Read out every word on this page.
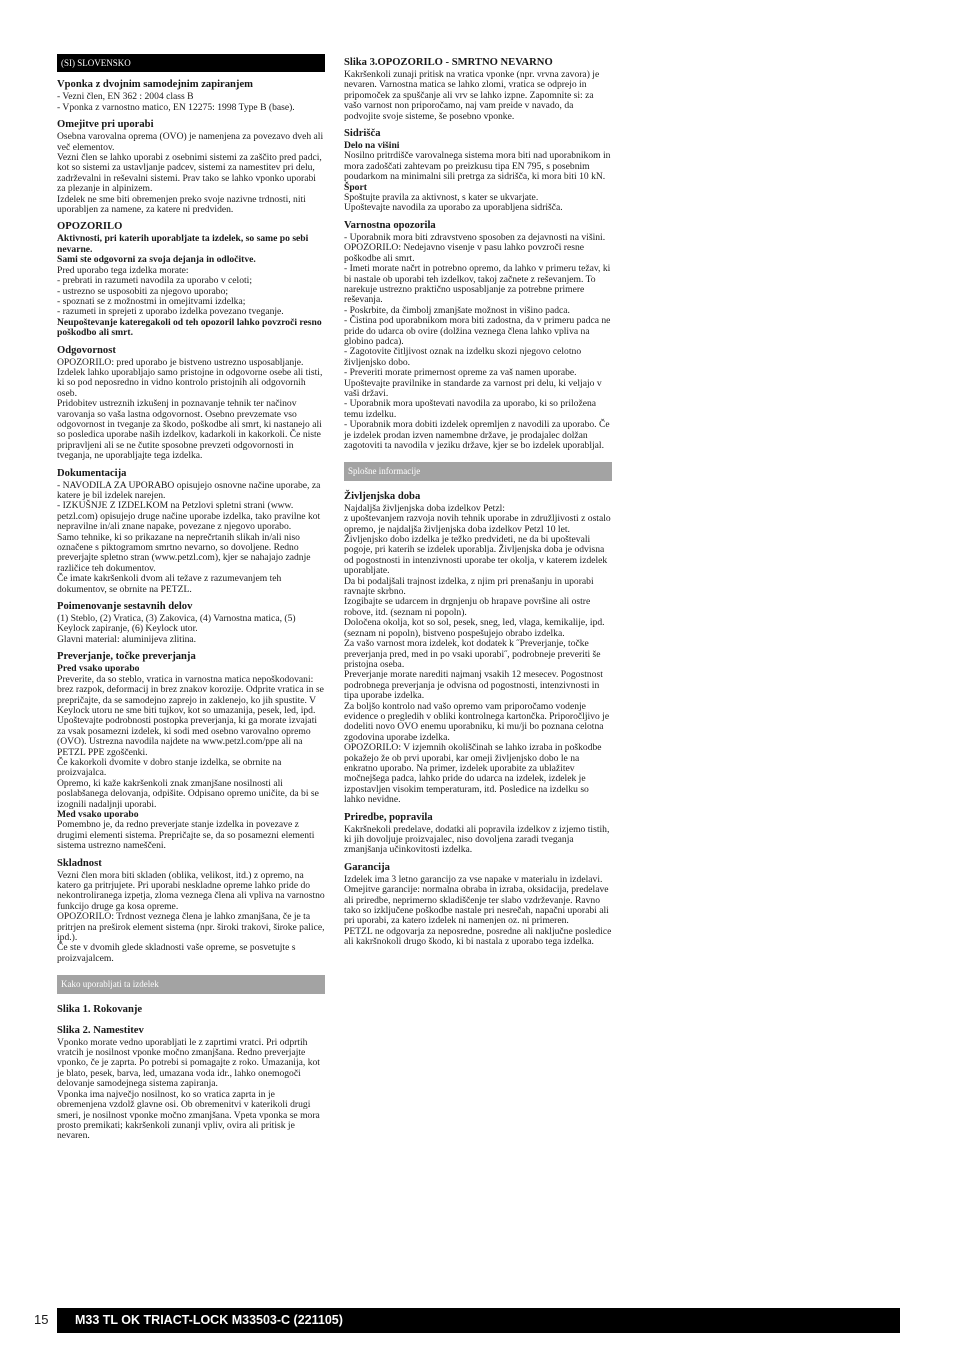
(SI) SLOVENSKO
Vponka z dvojnim samodejnim zapiranjem

- Vezni člen, EN 362 : 2004 class B
- Vponka z varnostno matico, EN 12275: 1998 Type B (base).

Omejitve pri uporabi

Osebna varovalna oprema (OVO) je namenjena za povezavo dveh ali več elementov.
Vezni člen se lahko uporabi z osebnimi sistemi za zaščito pred padci, kot so sistemi za ustavljanje padcev, sistemi za namestitev pri delu, zadrževalni in reševalni sistemi. Prav tako se lahko vponko uporabi za plezanje in alpinizem.
Izdelek ne sme biti obremenjen preko svoje nazivne trdnosti, niti uporabljen za namene, za katere ni predviden.

OPOZORILO

Aktivnosti, pri katerih uporabljate ta izdelek, so same po sebi nevarne.
Sami ste odgovorni za svoja dejanja in odločitve.

Pred uporabo tega izdelka morate:
- prebrati in razumeti navodila za uporabo v celoti;
- ustrezno se usposobiti za njegovo uporabo;
- spoznati se z možnostmi in omejitvami izdelka;
- razumeti in sprejeti z uporabo izdelka povezano tveganje.

Neupoštevanje kateregakoli od teh opozoril lahko povzroči resno poškodbo ali smrt.

Odgovornost

OPOZORILO: pred uporabo je bistveno ustrezno usposabljanje.
Izdelek lahko uporabljajo samo pristojne in odgovorne osebe ali tisti, ki so pod neposredno in vidno kontrolo pristojnih ali odgovornih oseb.
Pridobitev ustreznih izkušenj in poznavanje tehnik ter načinov varovanja so vaša lastna odgovornost. Osebno prevzemate vso odgovornost in tveganje za škodo, poškodbe ali smrt, ki nastanejo ali so posledica uporabe naših izdelkov, kadarkoli in kakorkoli. Če niste pripravljeni ali se ne čutite sposobne prevzeti odgovornosti in tveganja, ne uporabljajte tega izdelka.

Dokumentacija

- NAVODILA ZA UPORABO opisujejo osnovne načine uporabe, za katere je bil izdelek narejen.
- IZKUŠNJE Z IZDELKOM na Petzlovi spletni strani (www. petzl.com) opisujejo druge načine uporabe izdelka, tako pravilne kot nepravilne in/ali znane napake, povezane z njegovo uporabo.
Samo tehnike, ki so prikazane na neprečrtanih slikah in/ali niso označene s piktogramom smrtno nevarno, so dovoljene. Redno preverjajte spletno stran (www.petzl.com), kjer se nahajajo zadnje različice teh dokumentov.
Če imate kakršenkoli dvom ali težave z razumevanjem teh dokumentov, se obrnite na PETZL.

Poimenovanje sestavnih delov

(1) Steblo, (2) Vratica, (3) Zakovica, (4) Varnostna matica, (5) Keylock zapiranje, (6) Keylock utor.
Glavni material: aluminijeva zlitina.

Preverjanje, točke preverjanja

Pred vsako uporabo

Preverite, da so steblo, vratica in varnostna matica nepoškodovani: brez razpok, deformacij in brez znakov korozije. Odprite vratica in se prepričajte, da se samodejno zapreјo in zaklenejo, ko jih spustite. V Keylock utoru ne sme biti tujkov, kot so umazanija, pesek, led, ipd.
Upoštevajte podrobnosti postopka preverjanja, ki ga morate izvajati za vsak posamezni izdelek, ki sodi med osebno varovalno opremo (OVO). Ustrezna navodila najdete na www.petzl.com/ppe ali na PETZL PPE zgoščenki.
Če kakorkoli dvomite v dobro stanje izdelka, se obrnite na proizvajalca.
Opremo, ki kaže kakršenkoli znak zmanjšane nosilnosti ali poslabšanega delovanja, odpišite. Odpisano opremo uničite, da bi se izognili nadaljnji uporabi.

Med vsako uporabo

Pomembno je, da redno preverjate stanje izdelka in povezave z drugimi elementi sistema. Prepričajte se, da so posamezni elementi sistema ustrezno nameščeni.

Skladnost

Vezni člen mora biti skladen (oblika, velikost, itd.) z opremo, na katero ga pritrjujete. Pri uporabi neskladne opreme lahko pride do nekontroliranega izpetja, zloma veznega člena ali vpliva na varnostno funkcijo druge ga kosa opreme.
OPOZORILO: Trdnost veznega člena je lahko zmanjšana, če je ta pritrjen na preširok element sistema (npr. široki trakovi, široke palice, ipd.).
Če ste v dvomih glede skladnosti vaše opreme, se posvetujte s proizvajalcem.

Kako uporabljati ta izdelek
Slika 1. Rokovanje
Slika 2. Namestitev

Vponko morate vedno uporabljati le z zaprtimi vratci. Pri odprtih vratcih je nosilnost vponke močno zmanjšana. Redno preverjajte vponko, če je zaprta. Po potrebi si pomagajte z roko. Umazanija, kot je blato, pesek, barva, led, umazana voda idr., lahko onemogoči delovanje samodejnega sistema zapiranja.
Vponka ima največjo nosilnost, ko so vratica zaprta in je obremenjena vzdolž glavne osi. Ob obremenitvi v katerikoli drugi smeri, je nosilnost vponke močno zmanjšana. Vpeta vponka se mora prosto premikati; kakršenkoli zunanji vpliv, ovira ali pritisk je nevaren.

Slika 3.OPOZORILO - SMRTNO NEVARNO

Kakršenkoli zunaji pritisk na vratica vponke (npr. vrvna zavora) je nevaren. Varnostna matica se lahko zlomi, vratica se odprejo in pripomoček za spuščanje ali vrv se lahko izpne. Zapomnite si: za vašo varnost non priporočamo, naj vam preide v navado, da podvojite svoje sisteme, še posebno vponke.

Sidrišča

Delo na višini

Nosilno pritrdišče varovalnega sistema mora biti nad uporabnikom in mora zadoščati zahtevam po preizkusu tipa EN 795, s posebnim poudarkom na minimalni sili pretrga za sidrišča, ki mora biti 10 kN.

Šport

Spoštujte pravila za aktivnost, s kater se ukvarjate.
Upoštevajte navodila za uporabo za uporabljena sidrišča.

Varnostna opozorila

- Uporabnik mora biti zdravstveno sposoben za dejavnosti na višini. OPOZORILO: Nedejavno visenje v pasu lahko povzroči resne poškodbe ali smrt.
- Imeti morate načrt in potrebno opremo, da lahko v primeru težav, ki bi nastale ob uporabi teh izdelkov, takoj začnete z reševanjem. To narekuje ustrezno praktično usposabljanje za potrebne primere reševanja.
- Poskrbite, da čimbolj zmanjšate možnost in višino padca.
- Čistina pod uporabnikom mora biti zadostna, da v primeru padca ne pride do udarca ob ovire (dolžina veznega člena lahko vpliva na globino padca).
- Zagotovite čitljivost oznak na izdelku skozi njegovo celotno življenjsko dobo.
- Preveriti morate primernost opreme za vaš namen uporabe. Upoštevajte pravilnike in standarde za varnost pri delu, ki veljajo v vaši državi.
- Uporabnik mora upoštevati navodila za uporabo, ki so priložena temu izdelku.
- Uporabnik mora dobiti izdelek opremljen z navodili za uporabo. Če je izdelek prodan izven namembne države, je prodajalec dolžan zagotoviti ta navodila v jeziku države, kjer se bo izdelek uporabljal.

Splošne informacije
Življenjska doba

Najdaljša življenjska doba izdelkov Petzl:
z upoštevanjem razvoja novih tehnik uporabe in združljivosti z ostalo opremo, je najdaljša življenjska doba izdelkov Petzl 10 let.
Življenjsko dobo izdelka je težko predvideti, ne da bi upoštevali pogoje, pri katerih se izdelek uporablja. Življenjska doba je odvisna od pogostnosti in intenzivnosti uporabe ter okolja, v katerem izdelek uporabljate.
Da bi podaljšali trajnost izdelka, z njim pri prenašanju in uporabi ravnajte skrbno.
Izogibajte se udarcem in drgnjenju ob hrapave površine ali ostre robove, itd. (seznam ni popoln).
Določena okolja, kot so sol, pesek, sneg, led, vlaga, kemikalije, ipd. (seznam ni popoln), bistveno pospešujejo obrabo izdelka.
Za vašo varnost mora izdelek, kot dodatek k ˝Preverjanje, točke preverjanja pred, med in po vsaki uporabi˝, podrobneje preveriti še pristojna oseba.
Preverjanje morate narediti najmanj vsakih 12 mesecev. Pogostnost podrobnega preverjanja je odvisna od pogostnosti, intenzivnosti in tipa uporabe izdelka.
Za boljšo kontrolo nad vašo opremo vam priporočamo vodenje evidence o pregledih v obliki kontrolnega kartončka. Priporočljivo je dodeliti novo OVO enemu uporabniku, ki mu/ji bo poznana celotna zgodovina uporabe izdelka.
OPOZORILO: V izjemnih okoliščinah se lahko izrabа in poškodbe pokažejo že ob prvi uporabi, kar omeji življenjsko dobo le na enkratno uporabo. Na primer, izdelek uporabite za ublažitev močnejšega padca, lahko pride do udarca na izdelek, izdelek je izpostavljen visokim temperaturam, itd. Posledice na izdelku so lahko nevidne.

Priredbe, popravila

Kakršnekoli predelave, dodatki ali popravila izdelkov z izjemo tistih, ki jih dovoljuje proizvajalec, niso dovoljena zaradi tveganja zmanjšanja učinkovitosti izdelka.

Garancija

Izdelek ima 3 letno garancijo za vse napake v materialu in izdelavi. Omejitve garancije: normalna obraba in izraba, oksidacija, predelave ali priredbe, neprimerno skladiščenje ter slabo vzdrževanje. Ravno tako so izključene poškodbe nastale pri nesrečah, napačni uporabi ali pri uporabi, za katero izdelek ni namenjen oz. ni primeren.
PETZL ne odgovarja za neposredne, posredne ali naključne posledice ali kakršnokoli drugo škodo, ki bi nastala z uporabo tega izdelka.

15	M33 TL OK TRIACT-LOCK M33503-C (221105)
